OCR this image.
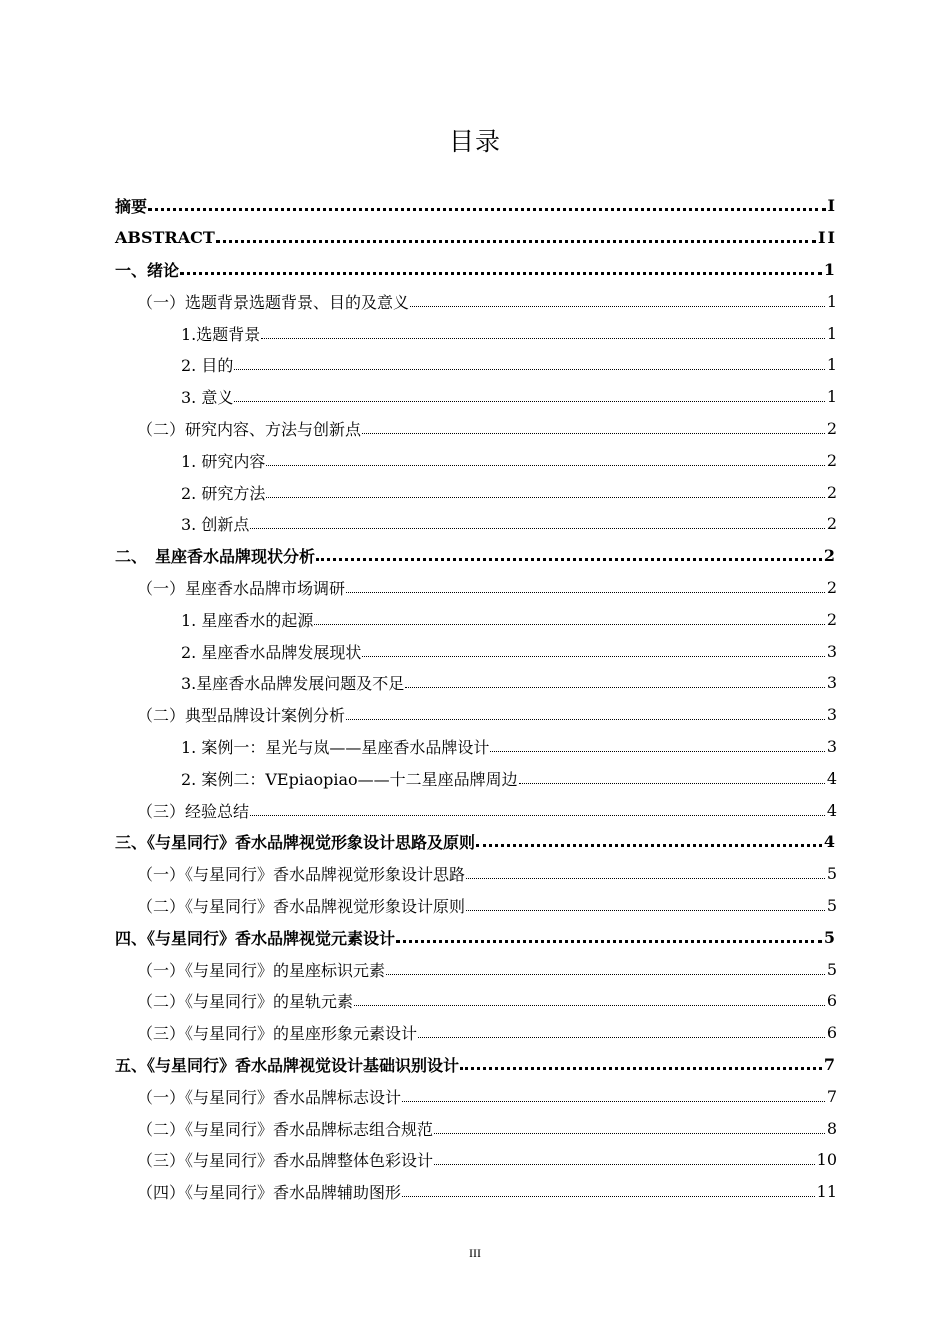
目录
摘要	I
ABSTRACT	II
一、绪论	1
（一）选题背景选题背景、目的及意义	1
1.选题背景	1
2. 目的	1
3. 意义	1
（二）研究内容、方法与创新点	2
1. 研究内容	2
2. 研究方法	2
3. 创新点	2
二、　星座香水品牌现状分析	2
（一）星座香水品牌市场调研	2
1. 星座香水的起源	2
2. 星座香水品牌发展现状	3
3.星座香水品牌发展问题及不足	3
（二）典型品牌设计案例分析	3
1. 案例一：星光与岚——星座香水品牌设计	3
2. 案例二：VEpiaopiao——十二星座品牌周边	4
（三）经验总结	4
三、《与星同行》香水品牌视觉形象设计思路及原则	4
（一）《与星同行》香水品牌视觉形象设计思路	5
（二）《与星同行》香水品牌视觉形象设计原则	5
四、《与星同行》香水品牌视觉元素设计	5
（一）《与星同行》的星座标识元素	5
（二）《与星同行》的星轨元素	6
（三）《与星同行》的星座形象元素设计	6
五、《与星同行》香水品牌视觉设计基础识别设计	7
（一）《与星同行》香水品牌标志设计	7
（二）《与星同行》香水品牌标志组合规范	8
（三）《与星同行》香水品牌整体色彩设计	10
（四）《与星同行》香水品牌辅助图形	11
III
